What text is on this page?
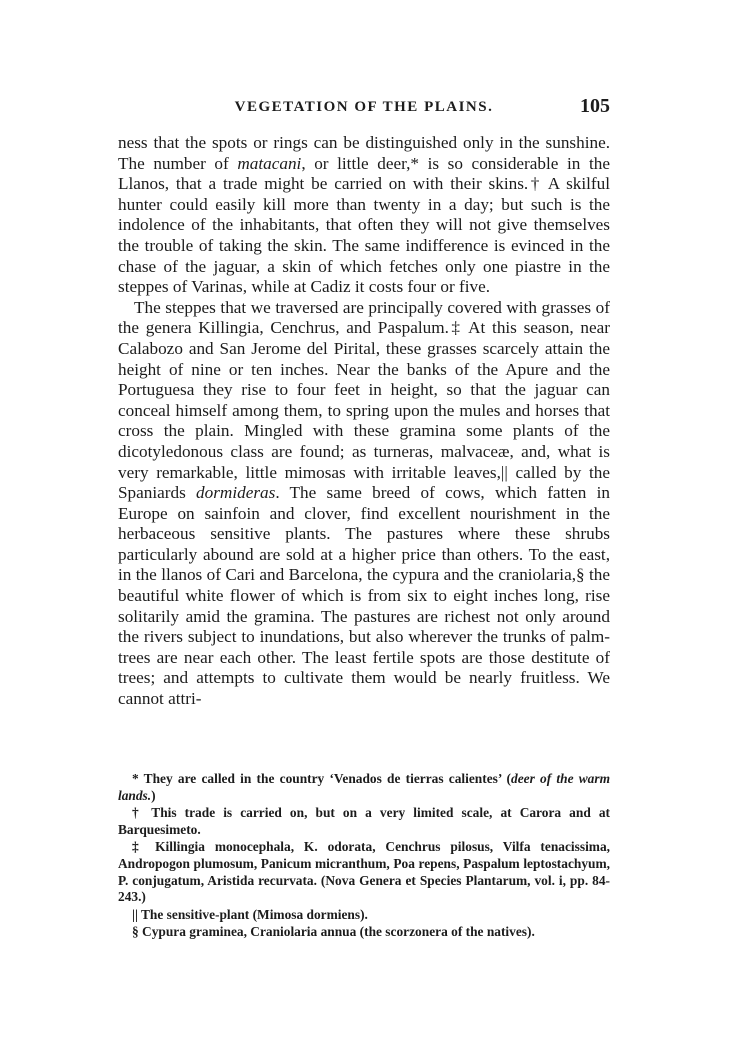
VEGETATION OF THE PLAINS.	105

ness that the spots or rings can be distinguished only in the sunshine. The number of matacani, or little deer,* is so considerable in the Llanos, that a trade might be carried on with their skins.† A skilful hunter could easily kill more than twenty in a day; but such is the indolence of the inhabitants, that often they will not give themselves the trouble of taking the skin. The same indifference is evinced in the chase of the jaguar, a skin of which fetches only one piastre in the steppes of Varinas, while at Cadiz it costs four or five.

The steppes that we traversed are principally covered with grasses of the genera Killingia, Cenchrus, and Paspalum.‡ At this season, near Calabozo and San Jerome del Pirital, these grasses scarcely attain the height of nine or ten inches. Near the banks of the Apure and the Portuguesa they rise to four feet in height, so that the jaguar can conceal himself among them, to spring upon the mules and horses that cross the plain. Mingled with these gramina some plants of the dicotyledonous class are found; as turneras, malvaceæ, and, what is very remarkable, little mimosas with irritable leaves,|| called by the Spaniards dormideras. The same breed of cows, which fatten in Europe on sainfoin and clover, find excellent nourishment in the herbaceous sensitive plants. The pastures where these shrubs particularly abound are sold at a higher price than others. To the east, in the llanos of Cari and Barcelona, the cypura and the craniolaria,§ the beautiful white flower of which is from six to eight inches long, rise solitarily amid the gramina. The pastures are richest not only around the rivers subject to inundations, but also wherever the trunks of palm-trees are near each other. The least fertile spots are those destitute of trees; and attempts to cultivate them would be nearly fruitless. We cannot attri-

* They are called in the country ‘Venados de tierras calientes’ (deer of the warm lands.)

† This trade is carried on, but on a very limited scale, at Carora and at Barquesimeto.

‡ Killingia monocephala, K. odorata, Cenchrus pilosus, Vilfa tenacissima, Andropogon plumosum, Panicum micranthum, Poa repens, Paspalum leptostachyum, P. conjugatum, Aristida recurvata. (Nova Genera et Species Plantarum, vol. i, pp. 84-243.)

|| The sensitive-plant (Mimosa dormiens).

§ Cypura graminea, Craniolaria annua (the scorzonera of the natives).
